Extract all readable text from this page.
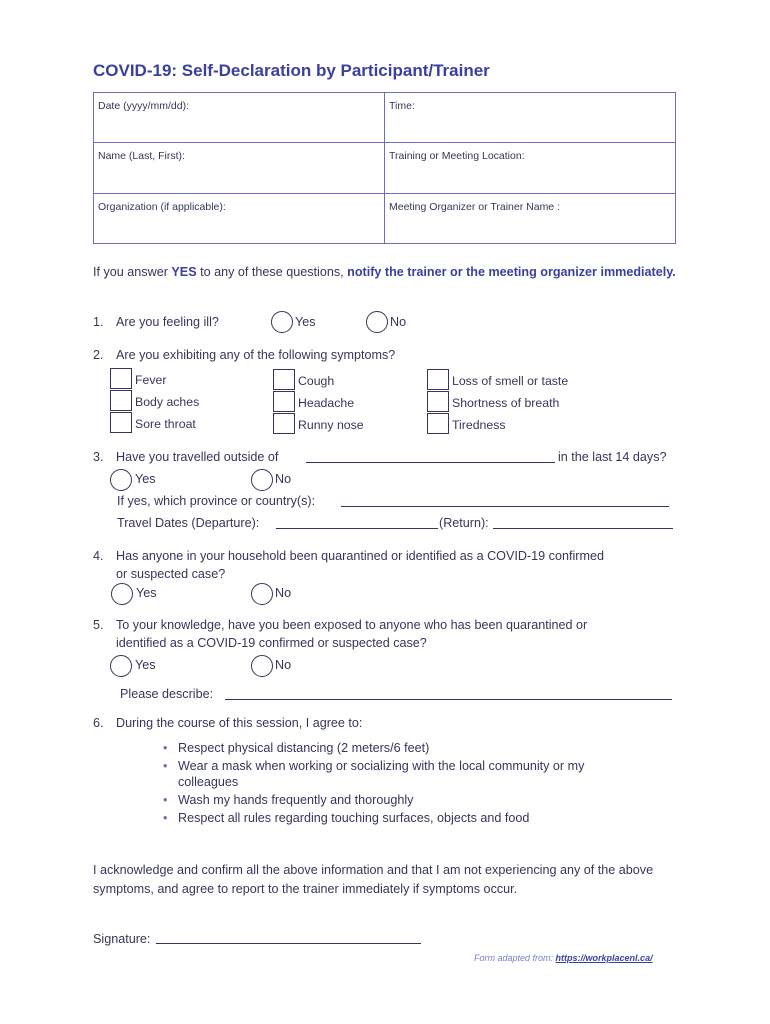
COVID-19: Self-Declaration by Participant/Trainer
Date (yyyy/mm/dd):	Time:
Name (Last, First):	Training or Meeting Location:
Organization (if applicable):	Meeting Organizer or Trainer Name :
If you answer YES to any of these questions, notify the trainer or the meeting organizer immediately.
1. Are you feeling ill?	Yes	No
2. Are you exhibiting any of the following symptoms?
Fever	Cough	Loss of smell or taste
Body aches	Headache	Shortness of breath
Sore throat	Runny nose	Tiredness
3. Have you travelled outside of	in the last 14 days?
Yes	No
If yes, which province or country(s):
Travel Dates (Departure):	(Return):
4. Has anyone in your household been quarantined or identified as a COVID-19 confirmed
or suspected case?
Yes	No
5. To your knowledge, have you been exposed to anyone who has been quarantined or
identified as a COVID-19 confirmed or suspected case?
Yes	No
Please describe:
6. During the course of this session, I agree to:
• Respect physical distancing (2 meters/6 feet)
• Wear a mask when working or socializing with the local community or my colleagues
• Wash my hands frequently and thoroughly
• Respect all rules regarding touching surfaces, objects and food
I acknowledge and confirm all the above information and that I am not experiencing any of the above symptoms, and agree to report to the trainer immediately if symptoms occur.
Signature:
Form adapted from: https://workplacenl.ca/
